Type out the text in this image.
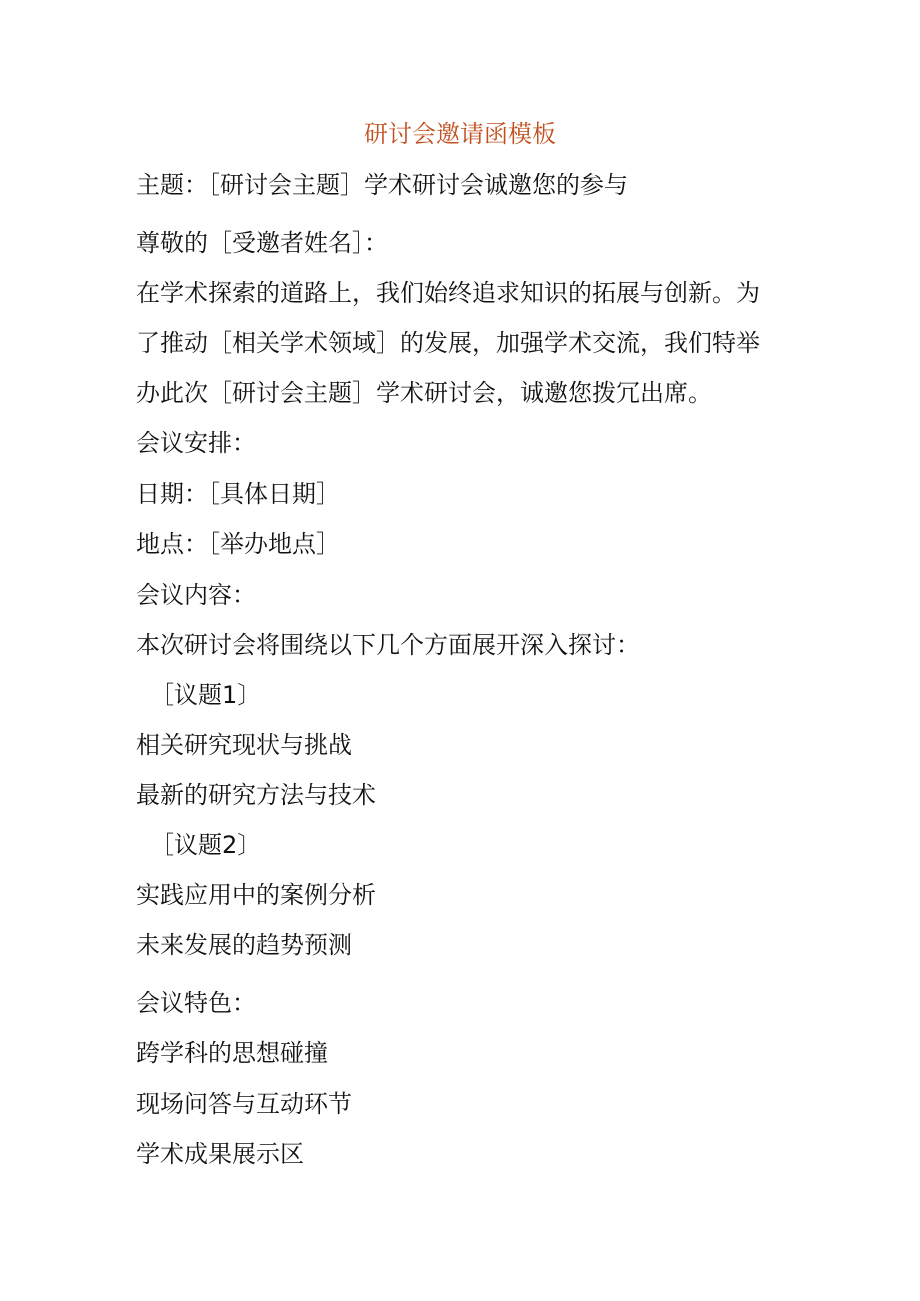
研讨会邀请函模板
主题：［研讨会主题］学术研讨会诚邀您的参与
尊敬的［受邀者姓名］：
在学术探索的道路上，我们始终追求知识的拓展与创新。为
了推动［相关学术领域］的发展，加强学术交流，我们特举
办此次［研讨会主题］学术研讨会，诚邀您拨冗出席。
会议安排：
日期：［具体日期］
地点：［举办地点］
会议内容：
本次研讨会将围绕以下几个方面展开深入探讨：
［议题1〕
相关研究现状与挑战
最新的研究方法与技术
［议题2〕
实践应用中的案例分析
未来发展的趋势预测
会议特色：
跨学科的思想碰撞
现场问答与互动环节
学术成果展示区
